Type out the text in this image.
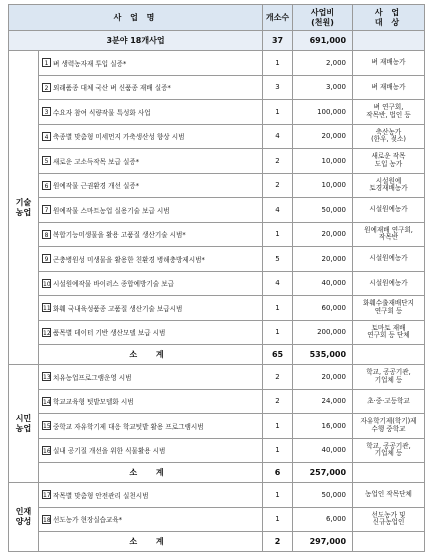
사 업 명		개소수	사업비
(천원)	사 업
대 상
3분야 18개사업		37	691,000	
기술
농업	1 벼 생력농자재 투입 실증*	1	2,000	벼 재배농가
	2 외래품종 대체 국산 벼 신품종 재배 실증*	3	3,000	벼 재배농가
	3 수요자 참여 식량작물 특성화 사업	1	100,000	벼 연구회,
작목반, 법인 등
	4 축종별 맞춤형 미세먼지 가축생산성 향상 시범	4	20,000	축산농가
(한우, 젖소)
	5 새로운 고소득작목 보급 실증*	2	10,000	새로운 작목
도입 농가
	6 원예작물 근권환경 개선 실증*	2	10,000	시설원예
토경재배농가
	7 원예작물 스마트농업 실용기술 보급 시범	4	50,000	시설원예농가
	8 복합기능미생물을 활용 고품질 생산기술 시범*	1	20,000	원예재배 연구회,
작목반
	9 곤충병원성 미생물을 활용한 친환경 병해충방제시범*	5	20,000	시설원예농가
	10 시설원예작물 바이러스 종합예방기술 보급	4	40,000	시설원예농가
	11 화훼 국내육성품종 고품질 생산기술 보급시범	1	60,000	화훼수출재배단지
연구회 등
	12 품목별 데이터 기반 생산모델 보급 시범	1	200,000	토마토 재배
연구회 등 단체
	소 계	65	535,000	
시민
농업	13 치유농업프로그램운영 시범	2	20,000	학교, 공공기관,
기업체 등
	14 학교교육형 텃밭모델화 시범	2	24,000	초·중·고등학교
	15 중학교 자유학기제 대응 학교텃밭 활용 프로그램시범	1	16,000	자유학기제(학기)제
수행 중학교
	16 실내 공기질 개선을 위한 식물활용 시범	1	40,000	학교, 공공기관,
기업체 등
	소 계	6	257,000	
인재
양성	17 작목별 맞춤형 안전관리 실천시범	1	50,000	농업인 작목단체
	18 선도농가 현장실습교육*	1	6,000	선도농가 및
신규농업인
	소 계	2	297,000	
